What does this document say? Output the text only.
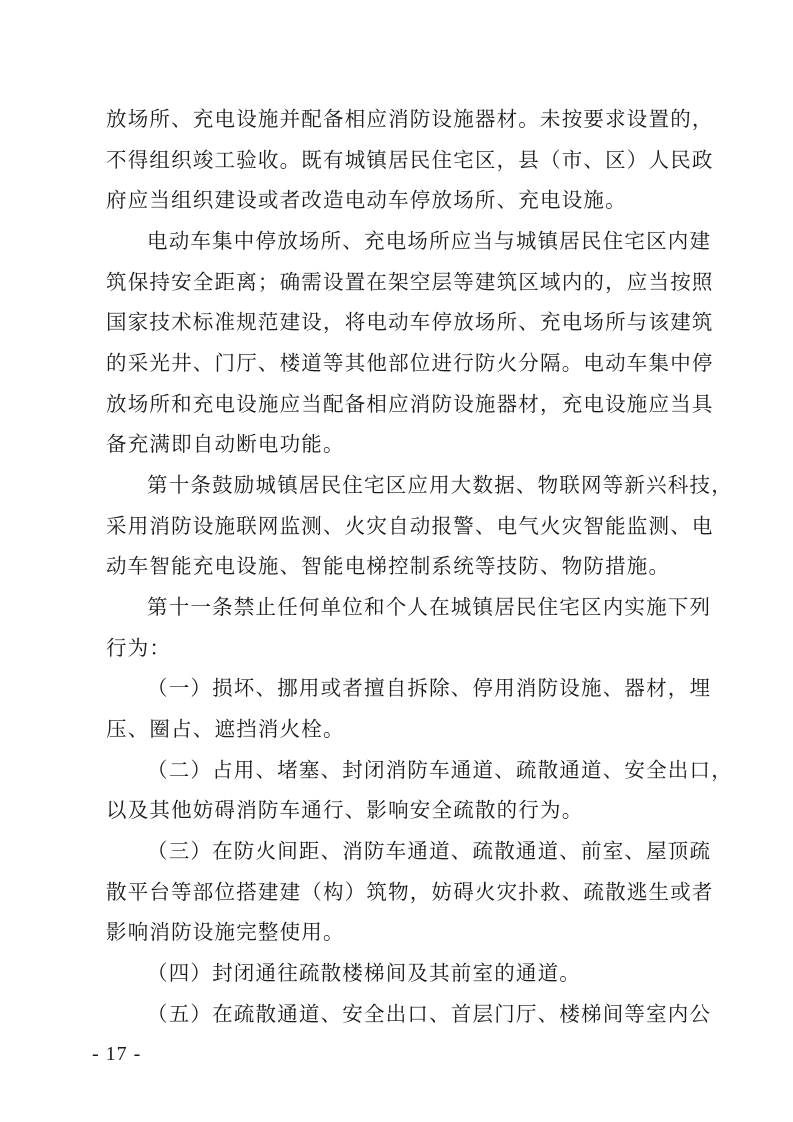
放场所、充电设施并配备相应消防设施器材。未按要求设置的，
不得组织竣工验收。既有城镇居民住宅区，县（市、区）人民政
府应当组织建设或者改造电动车停放场所、充电设施。
电动车集中停放场所、充电场所应当与城镇居民住宅区内建
筑保持安全距离；确需设置在架空层等建筑区域内的，应当按照
国家技术标准规范建设，将电动车停放场所、充电场所与该建筑
的采光井、门厅、楼道等其他部位进行防火分隔。电动车集中停
放场所和充电设施应当配备相应消防设施器材，充电设施应当具
备充满即自动断电功能。
第十条鼓励城镇居民住宅区应用大数据、物联网等新兴科技，
采用消防设施联网监测、火灾自动报警、电气火灾智能监测、电
动车智能充电设施、智能电梯控制系统等技防、物防措施。
第十一条禁止任何单位和个人在城镇居民住宅区内实施下列
行为：
（一）损坏、挪用或者擅自拆除、停用消防设施、器材，埋
压、圈占、遮挡消火栓。
（二）占用、堵塞、封闭消防车通道、疏散通道、安全出口，
以及其他妨碍消防车通行、影响安全疏散的行为。
（三）在防火间距、消防车通道、疏散通道、前室、屋顶疏
散平台等部位搭建建（构）筑物，妨碍火灾扑救、疏散逃生或者
影响消防设施完整使用。
（四）封闭通往疏散楼梯间及其前室的通道。
（五）在疏散通道、安全出口、首层门厅、楼梯间等室内公
- 17 -
